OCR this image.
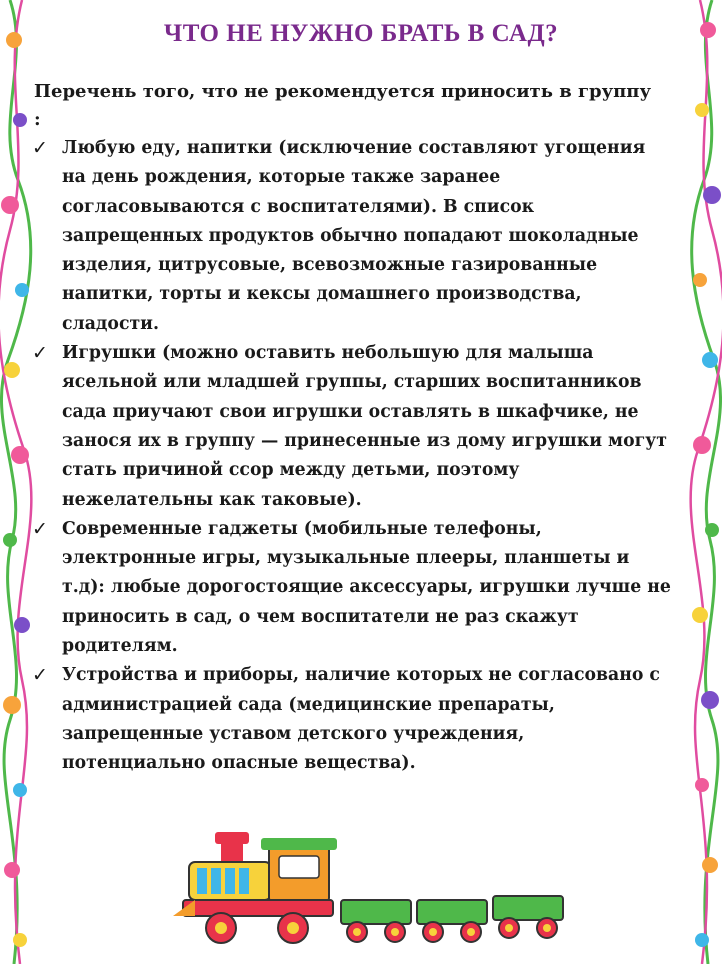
ЧТО НЕ НУЖНО БРАТЬ В САД?
Перечень того, что не рекомендуется приносить в группу :
✓ Любую еду, напитки (исключение составляют угощения на день рождения, которые также заранее согласовываются с воспитателями). В список запрещенных продуктов обычно попадают шоколадные изделия, цитрусовые, всевозможные газированные напитки, торты и кексы домашнего производства, сладости.
✓ Игрушки (можно оставить небольшую для малыша ясельной или младшей группы, старших воспитанников сада приучают свои игрушки оставлять в шкафчике, не занося их в группу — принесенные из дому игрушки могут стать причиной ссор между детьми, поэтому нежелательны как таковые).
✓ Современные гаджеты (мобильные телефоны, электронные игры, музыкальные плееры, планшеты и т.д): любые дорогостоящие аксессуары, игрушки лучше не приносить в сад, о чем воспитатели не раз скажут родителям.
✓ Устройства и приборы, наличие которых не согласовано с администрацией сада (медицинские препараты, запрещенные уставом детского учреждения, потенциально опасные вещества).
